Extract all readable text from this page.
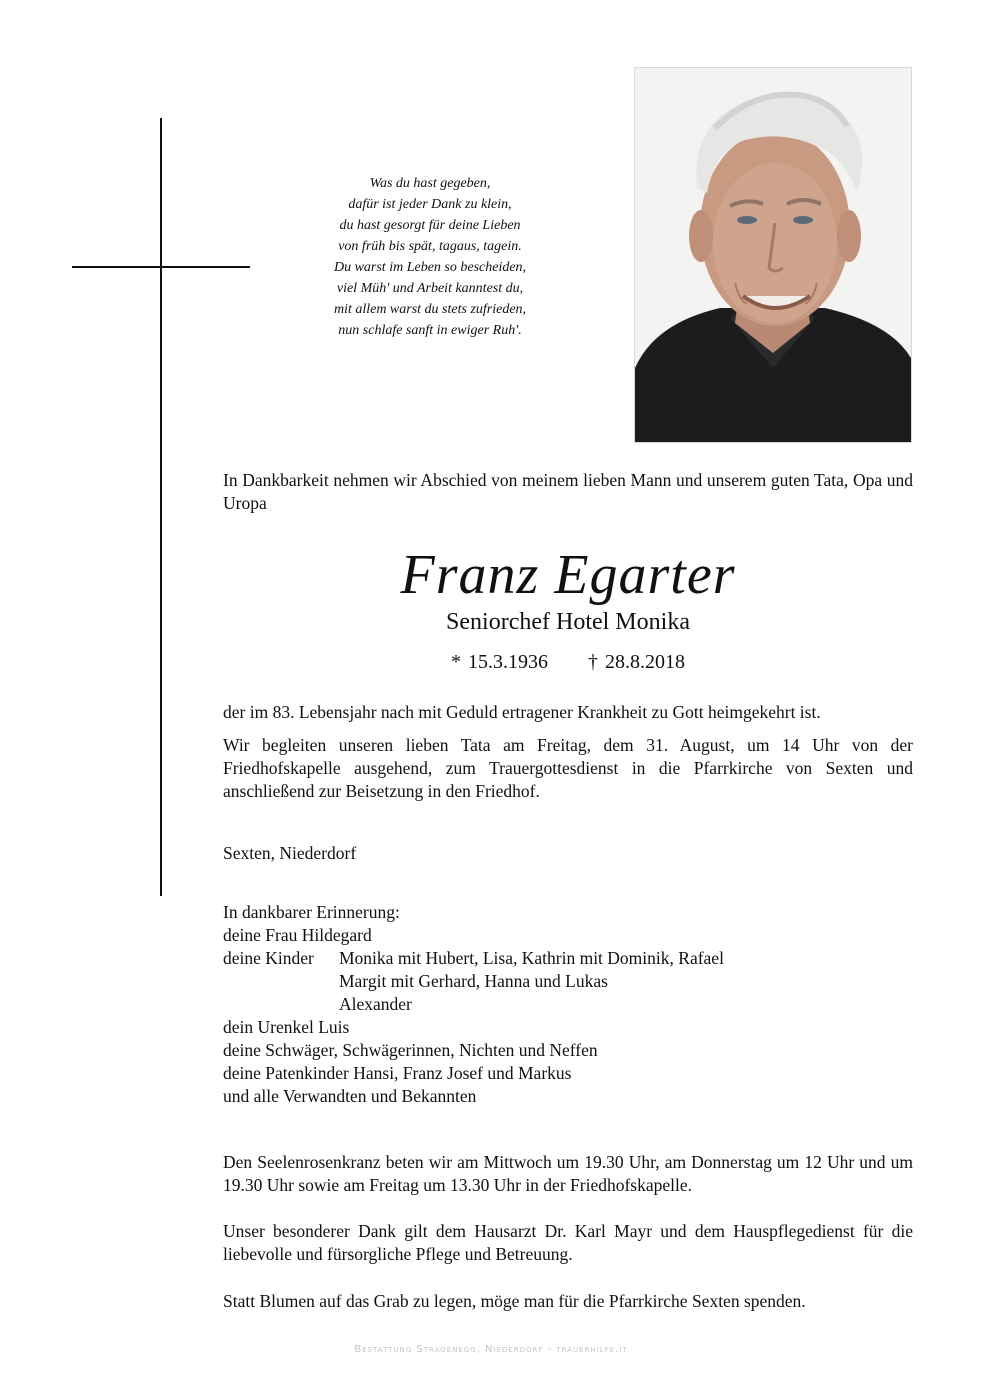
Was du hast gegeben,
dafür ist jeder Dank zu klein,
du hast gesorgt für deine Lieben
von früh bis spät, tagaus, tagein.
Du warst im Leben so bescheiden,
viel Müh' und Arbeit kanntest du,
mit allem warst du stets zufrieden,
nun schlafe sanft in ewiger Ruh'.
In Dankbarkeit nehmen wir Abschied von meinem lieben Mann und unserem guten Tata, Opa und Uropa
Franz Egarter
Seniorchef Hotel Monika
* 15.3.1936 † 28.8.2018
der im 83. Lebensjahr nach mit Geduld ertragener Krankheit zu Gott heimgekehrt ist.
Wir begleiten unseren lieben Tata am Freitag, dem 31. August, um 14 Uhr von der Friedhofskapelle ausgehend, zum Trauergottesdienst in die Pfarrkirche von Sexten und anschließend zur Beisetzung in den Friedhof.
Sexten, Niederdorf
In dankbarer Erinnerung:
deine Frau Hildegard
deine Kinder Monika mit Hubert, Lisa, Kathrin mit Dominik, Rafael
Margit mit Gerhard, Hanna und Lukas
Alexander
dein Urenkel Luis
deine Schwäger, Schwägerinnen, Nichten und Neffen
deine Patenkinder Hansi, Franz Josef und Markus
und alle Verwandten und Bekannten
Den Seelenrosenkranz beten wir am Mittwoch um 19.30 Uhr, am Donnerstag um 12 Uhr und um 19.30 Uhr sowie am Freitag um 13.30 Uhr in der Friedhofskapelle.
Unser besonderer Dank gilt dem Hausarzt Dr. Karl Mayr und dem Hauspflegedienst für die liebevolle und fürsorgliche Pflege und Betreuung.
Statt Blumen auf das Grab zu legen, möge man für die Pfarrkirche Sexten spenden.
Bestattung Stragenegg, Niederdorf - trauerhilfe.it
